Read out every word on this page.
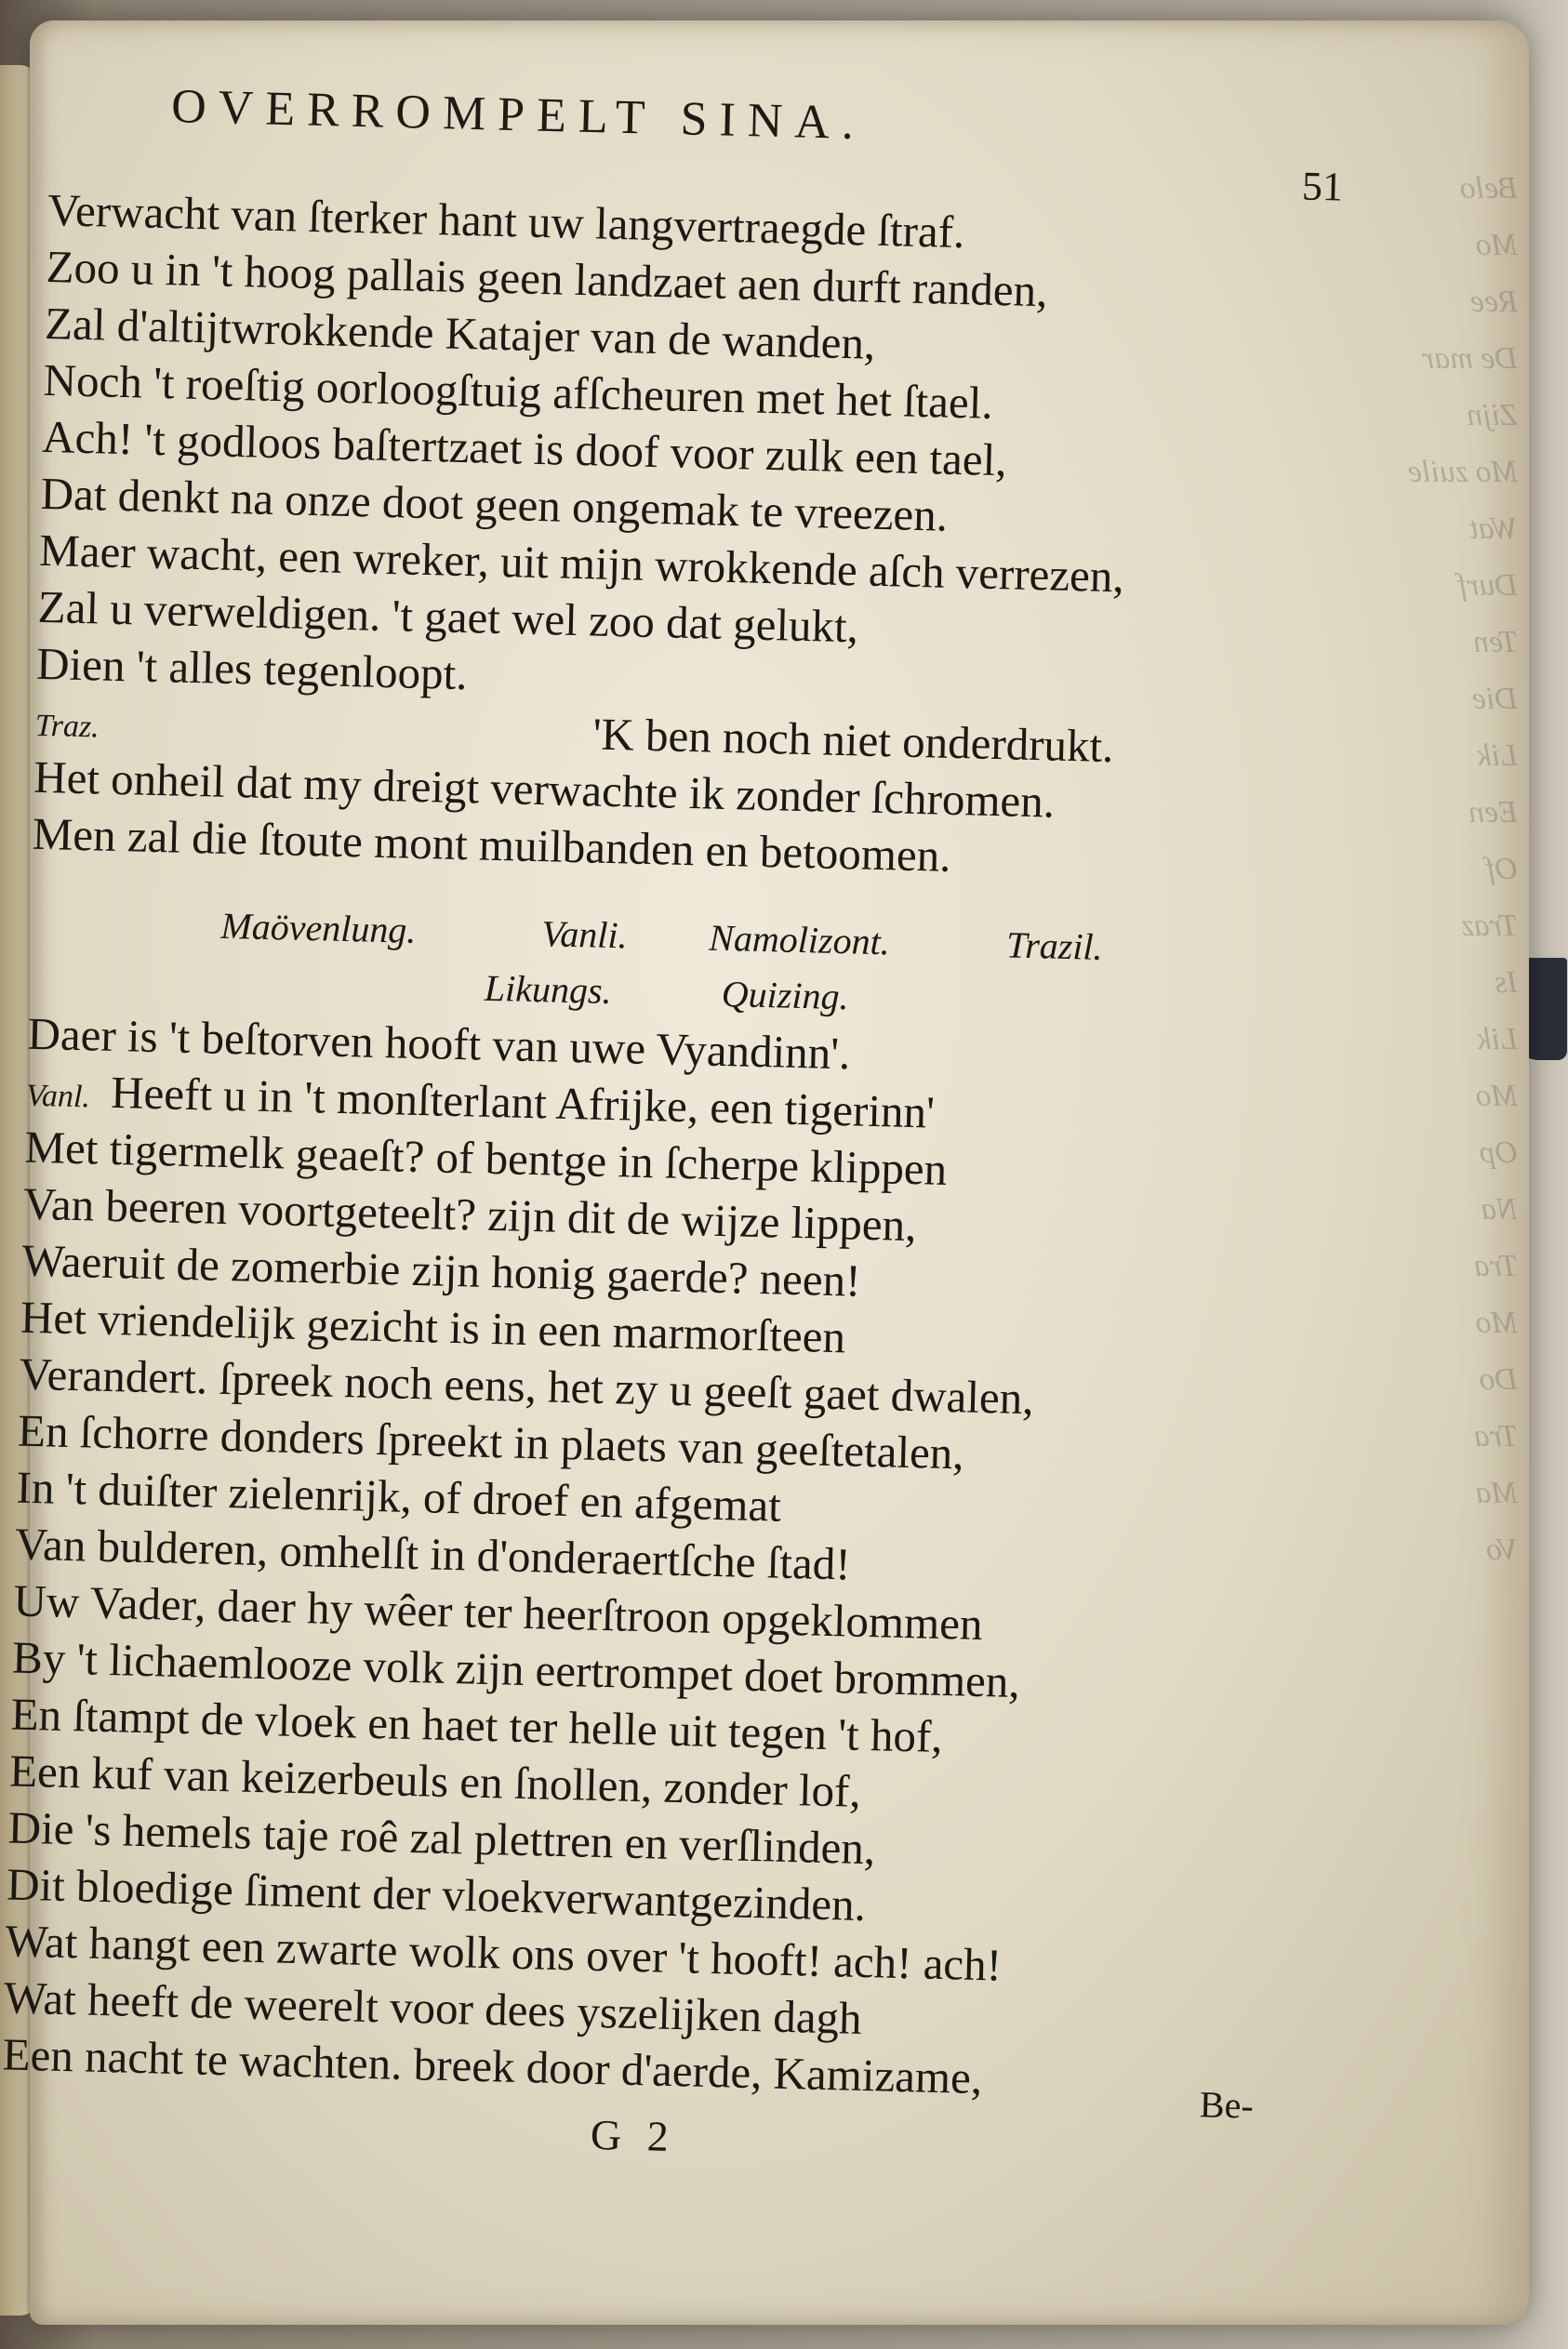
Belo
Mo
Ree
De mar
Zijn
Mo zuile
Wat
Durf
Ten
Die
Lik
Een
Of
Traz
Is
Lik
Mo
Op
Na
Tra
Mo
Do
Tra
Ma
Vo
OVERROMPELT SINA.
51
Verwacht van ſterker hant uw langvertraegde ſtraf.
Zoo u in 't hoog pallais geen landzaet aen durft randen,
Zal d'altijtwrokkende Katajer van de wanden,
Noch 't roeſtig oorloogſtuig afſcheuren met het ſtael.
Ach! 't godloos baſtertzaet is doof voor zulk een tael,
Dat denkt na onze doot geen ongemak te vreezen.
Maer wacht, een wreker, uit mijn wrokkende aſch verrezen,
Zal u verweldigen. 't gaet wel zoo dat gelukt,
Dien 't alles tegenloopt.
Traz.	'K ben noch niet onderdrukt.
Het onheil dat my dreigt verwachte ik zonder ſchromen.
Men zal die ſtoute mont muilbanden en betoomen.
Maövenlung.	Vanli. Namolizont.	Trazil.
Likungs.	Quizing.
Daer is 't beſtorven hooft van uwe Vyandinn'.
Vanl. Heeft u in 't monſterlant Afrijke, een tigerinn'
Met tigermelk geaeſt? of bentge in ſcherpe klippen
Van beeren voortgeteelt? zijn dit de wijze lippen,
Waeruit de zomerbie zijn honig gaerde? neen!
Het vriendelijk gezicht is in een marmorſteen
Verandert. ſpreek noch eens, het zy u geeſt gaet dwalen,
En ſchorre donders ſpreekt in plaets van geeſtetalen,
In 't duiſter zielenrijk, of droef en afgemat
Van bulderen, omhelſt in d'onderaertſche ſtad!
Uw Vader, daer hy wêer ter heerſtroon opgeklommen
By 't lichaemlooze volk zijn eertrompet doet brommen,
En ſtampt de vloek en haet ter helle uit tegen 't hof,
Een kuf van keizerbeuls en ſnollen, zonder lof,
Die 's hemels taje roê zal plettren en verſlinden,
Dit bloedige ſiment der vloekverwantgezinden.
Wat hangt een zwarte wolk ons over 't hooft! ach! ach!
Wat heeft de weerelt voor dees yszelijken dagh
Een nacht te wachten. breek door d'aerde, Kamizame,
Be-
G 2
